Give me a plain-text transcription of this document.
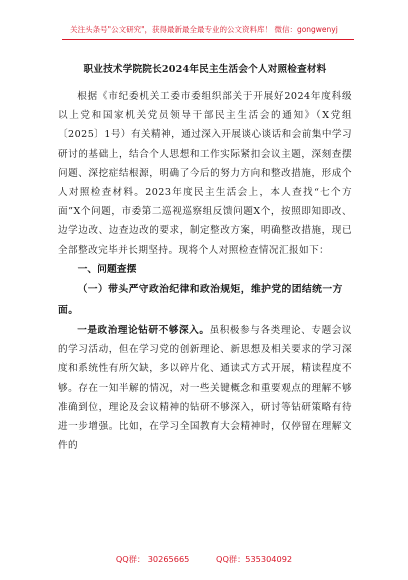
关注头条号"公文研究"，获得最新最全最专业的公文资料库！ 微信：gongwenyj
职业技术学院院长2024年民主生活会个人对照检查材料

根据《市纪委机关工委市委组织部关于开展好2024年度科级以上党和国家机关党员领导干部民主生活会的通知》（X党组〔2025〕1号）有关精神，通过深入开展谈心谈话和会前集中学习研讨的基础上，结合个人思想和工作实际紧扣会议主题，深刻查摆问题、深挖症结根源，明确了今后的努力方向和整改措施，形成个人对照检查材料。2023年度民主生活会上，本人查找“七个方面”X个问题，市委第二巡视巡察组反馈问题X个，按照即知即改、边学边改、边查边改的要求，制定整改方案，明确整改措施，现已全部整改完毕并长期坚持。现将个人对照检查情况汇报如下：

一、问题查摆

（一）带头严守政治纪律和政治规矩，维护党的团结统一方面。

一是政治理论钻研不够深入。虽积极参与各类理论、专题会议的学习活动，但在学习党的创新理论、新思想及相关要求的学习深度和系统性有所欠缺，多以碎片化、通读式方式开展，精读程度不够。存在一知半解的情况，对一些关键概念和重要观点的理解不够准确到位，理论及会议精神的钻研不够深入，研讨等钻研策略有待进一步增强。比如，在学习全国教育大会精神时，仅停留在理解文件的

QQ群： 30265665	QQ群：535304092
